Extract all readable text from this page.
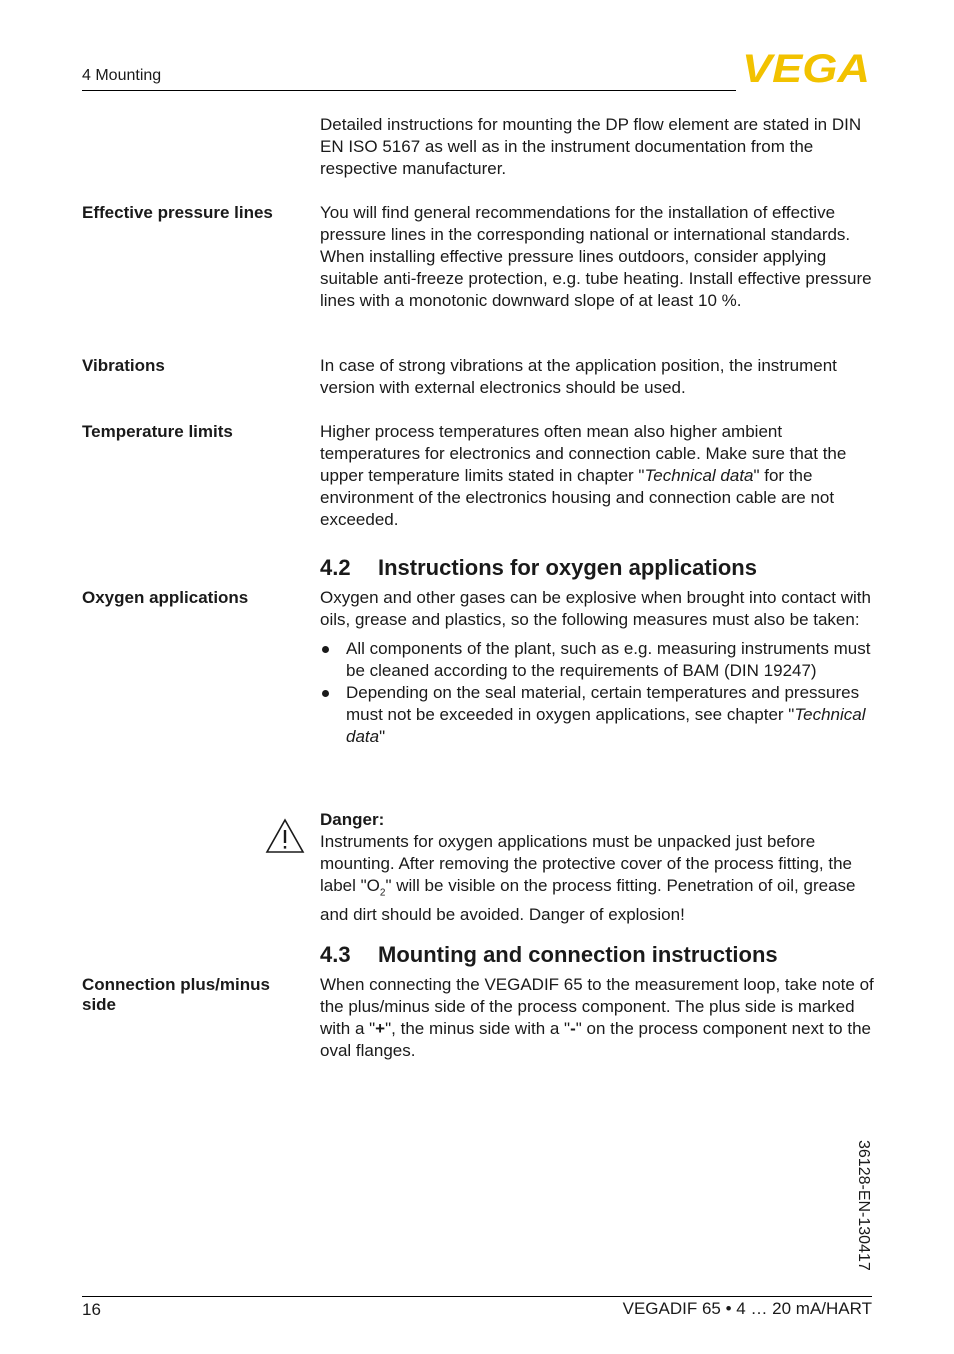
4 Mounting	VEGA
Detailed instructions for mounting the DP flow element are stated in DIN EN ISO 5167 as well as in the instrument documentation from the respective manufacturer.
Effective pressure lines	You will find general recommendations for the installation of effective pressure lines in the corresponding national or international standards. When installing effective pressure lines outdoors, consider applying suitable anti-freeze protection, e.g. tube heating. Install effective pressure lines with a monotonic downward slope of at least 10 %.
Vibrations	In case of strong vibrations at the application position, the instrument version with external electronics should be used.
Temperature limits	Higher process temperatures often mean also higher ambient temperatures for electronics and connection cable. Make sure that the upper temperature limits stated in chapter "Technical data" for the environment of the electronics housing and connection cable are not exceeded.
4.2 Instructions for oxygen applications
Oxygen applications	Oxygen and other gases can be explosive when brought into contact with oils, grease and plastics, so the following measures must also be taken:
All components of the plant, such as e.g. measuring instruments must be cleaned according to the requirements of BAM (DIN 19247)
Depending on the seal material, certain temperatures and pressures must not be exceeded in oxygen applications, see chapter "Technical data"
Danger:
Instruments for oxygen applications must be unpacked just before mounting. After removing the protective cover of the process fitting, the label "$O_2$" will be visible on the process fitting. Penetration of oil, grease and dirt should be avoided. Danger of explosion!
4.3 Mounting and connection instructions
Connection plus/minus side
When connecting the VEGADIF 65 to the measurement loop, take note of the plus/minus side of the process component. The plus side is marked with a "+", the minus side with a "-" on the process component next to the oval flanges.
36128-EN-130417
16	VEGADIF 65 • 4 … 20 mA/HART
